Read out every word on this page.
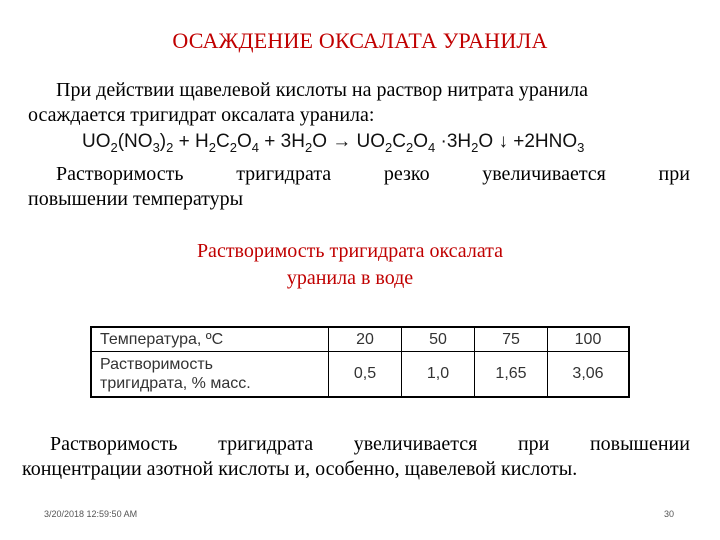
ОСАЖДЕНИЕ ОКСАЛАТА УРАНИЛА
При действии щавелевой кислоты на раствор нитрата уранила
осаждается тригидрат оксалата уранила:
$UO_2(NO_3)_2 + H_2C_2O_4 + 3H_2O \to UO_2C_2O_4 \cdot 3H_2O$ ↓ $+2HNO_3$
Растворимость	тригидрата	резко	увеличивается	при
повышении температуры
Растворимость тригидрата оксалата
уранила в воде
Температура, ºС	20	50	75	100

Растворимость
тригидрата, % масс.	0,5	1,0	1,65	3,06
Растворимость тригидрата увеличивается при повышении
концентрации азотной кислоты и, особенно, щавелевой кислоты.
3/20/2018 12:59:50 AM	30
